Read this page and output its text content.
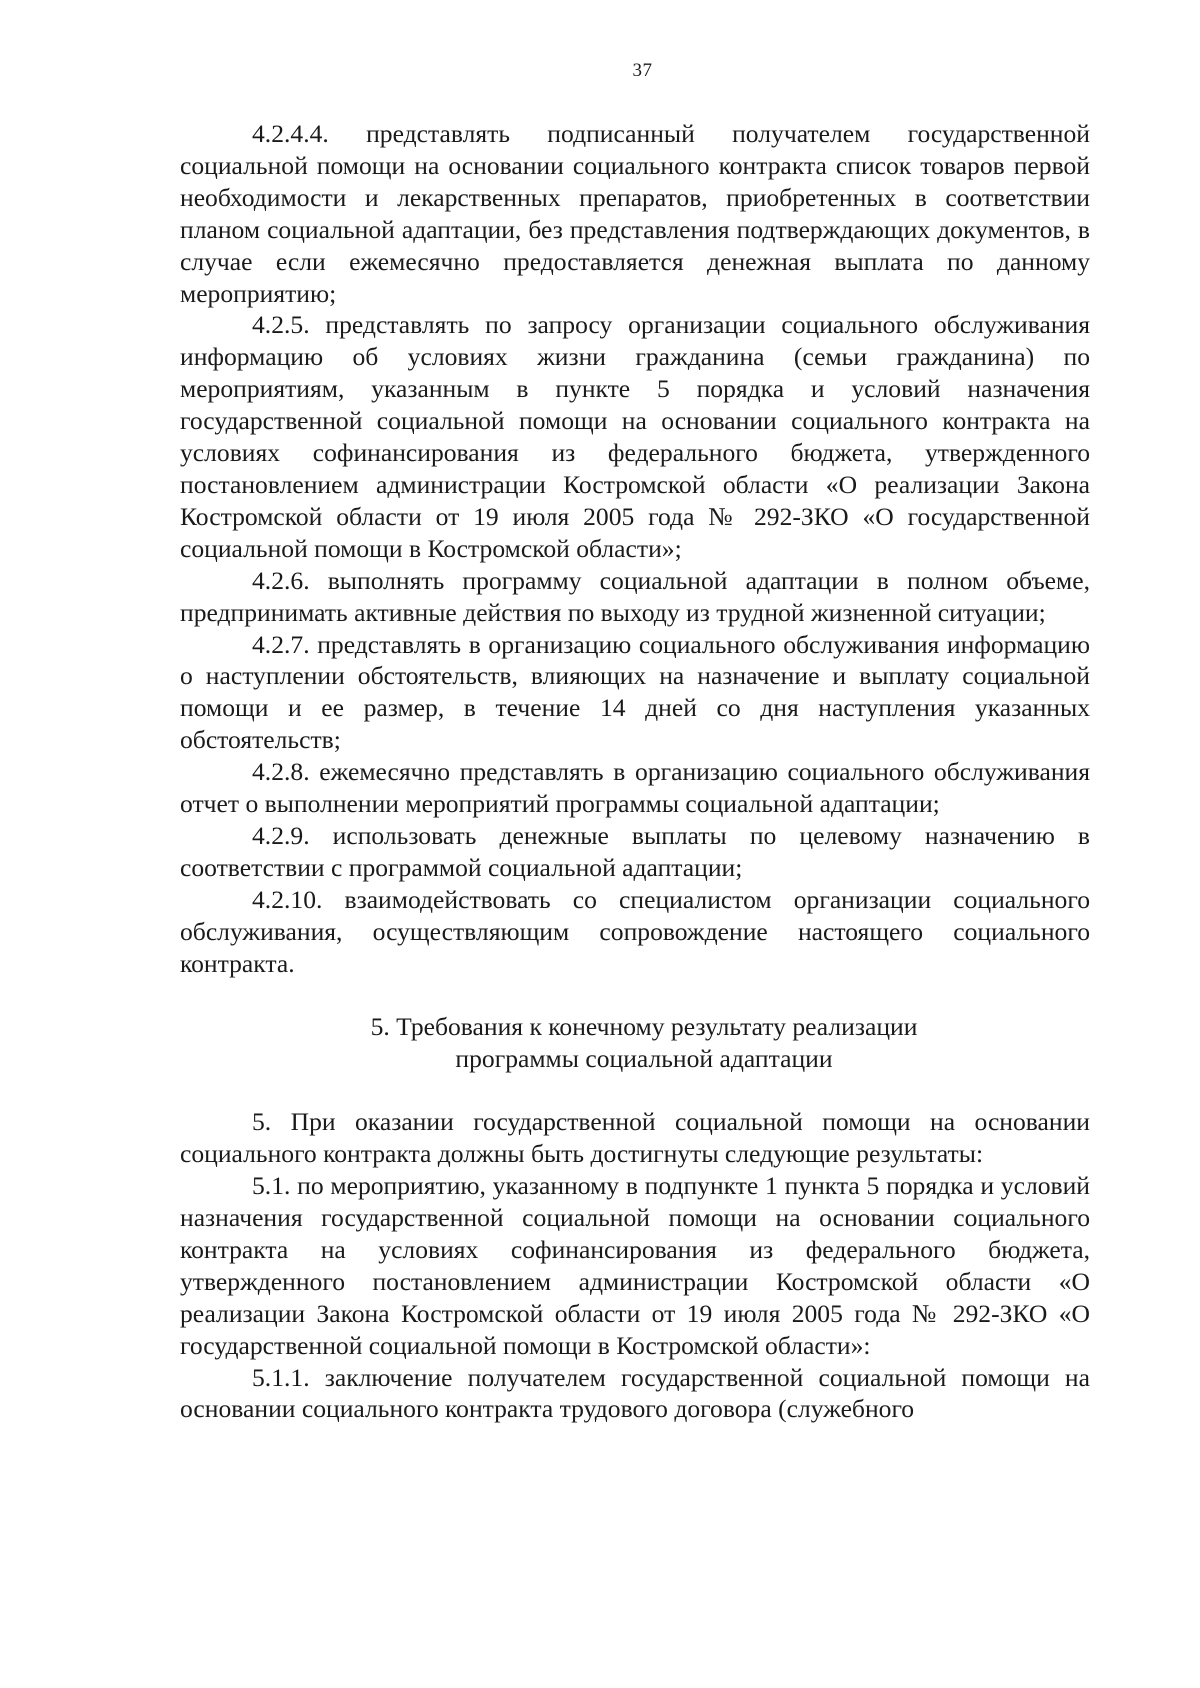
37

4.2.4.4. представлять подписанный получателем государственной социальной помощи на основании социального контракта список товаров первой необходимости и лекарственных препаратов, приобретенных в соответствии планом социальной адаптации, без представления подтверждающих документов, в случае если ежемесячно предоставляется денежная выплата по данному мероприятию;

4.2.5. представлять по запросу организации социального обслуживания информацию об условиях жизни гражданина (семьи гражданина) по мероприятиям, указанным в пункте 5 порядка и условий назначения государственной социальной помощи на основании социального контракта на условиях софинансирования из федерального бюджета, утвержденного постановлением администрации Костромской области «О реализации Закона Костромской области от 19 июля 2005 года № 292-ЗКО «О государственной социальной помощи в Костромской области»;

4.2.6. выполнять программу социальной адаптации в полном объеме, предпринимать активные действия по выходу из трудной жизненной ситуации;

4.2.7. представлять в организацию социального обслуживания информацию о наступлении обстоятельств, влияющих на назначение и выплату социальной помощи и ее размер, в течение 14 дней со дня наступления указанных обстоятельств;

4.2.8. ежемесячно представлять в организацию социального обслуживания отчет о выполнении мероприятий программы социальной адаптации;

4.2.9. использовать денежные выплаты по целевому назначению в соответствии с программой социальной адаптации;

4.2.10. взаимодействовать со специалистом организации социального обслуживания, осуществляющим сопровождение настоящего социального контракта.

5. Требования к конечному результату реализации
программы социальной адаптации

5. При оказании государственной социальной помощи на основании социального контракта должны быть достигнуты следующие результаты:

5.1. по мероприятию, указанному в подпункте 1 пункта 5 порядка и условий назначения государственной социальной помощи на основании социального контракта на условиях софинансирования из федерального бюджета, утвержденного постановлением администрации Костромской области «О реализации Закона Костромской области от 19 июля 2005 года № 292-ЗКО «О государственной социальной помощи в Костромской области»:

5.1.1. заключение получателем государственной социальной помощи на основании социального контракта трудового договора (служебного
